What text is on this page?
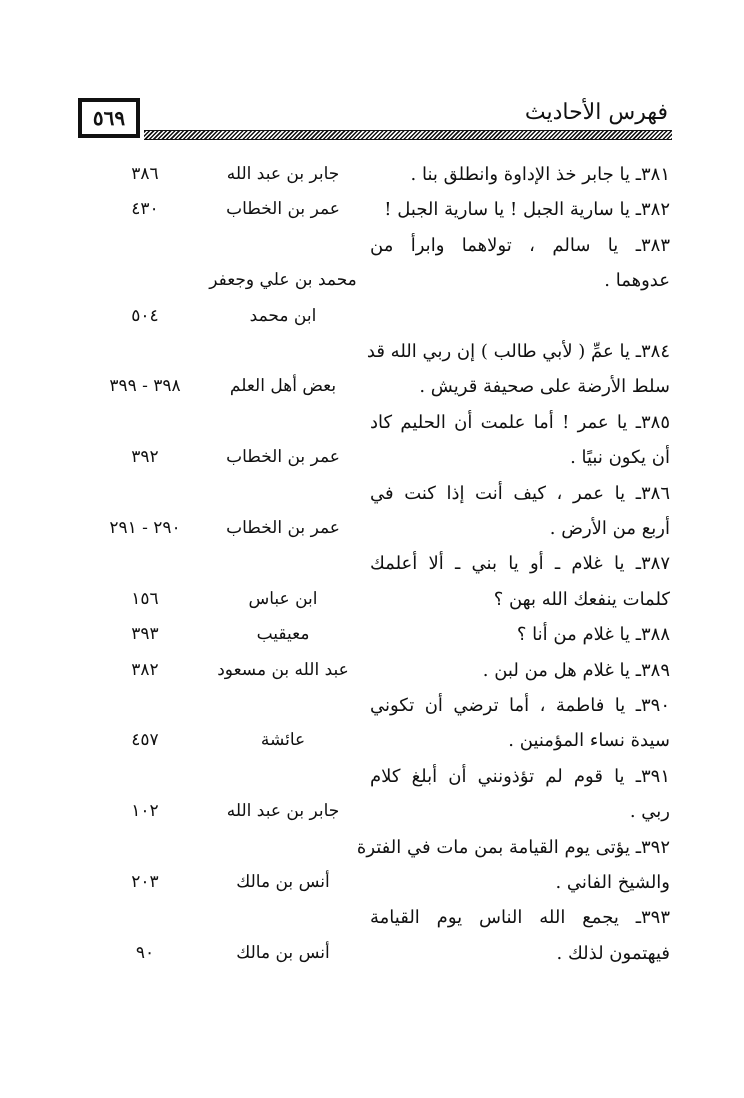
٥٦٩	فهرس الأحاديث
٣٨١ـ يا جابر خذ الإداوة وانطلق بنا .
جابر بن عبد الله
٣٨٦
٣٨٢ـ يا سارية الجبل ! يا سارية الجبل !
عمر بن الخطاب
٤٣٠
٣٨٣ـ يا سالم ، تولاهما وابرأ من
عدوهما .
محمد بن علي وجعفر
ابن محمد
٥٠٤
٣٨٤ـ يا عمِّ ( لأبي طالب ) إن ربي الله قد
سلط الأرضة على صحيفة قريش .
بعض أهل العلم
٣٩٨ - ٣٩٩
٣٨٥ـ يا عمر ! أما علمت أن الحليم كاد
أن يكون نبيًا .
عمر بن الخطاب
٣٩٢
٣٨٦ـ يا عمر ، كيف أنت إذا كنت في
أربع من الأرض .
عمر بن الخطاب
٢٩٠ - ٢٩١
٣٨٧ـ يا غلام ـ أو يا بني ـ ألا أعلمك
كلمات ينفعك الله بهن ؟
ابن عباس
١٥٦
٣٨٨ـ يا غلام من أنا ؟
معيقيب
٣٩٣
٣٨٩ـ يا غلام هل من لبن .
عبد الله بن مسعود
٣٨٢
٣٩٠ـ يا فاطمة ، أما ترضي أن تكوني
سيدة نساء المؤمنين .
عائشة
٤٥٧
٣٩١ـ يا قوم لم تؤذونني أن أبلغ كلام
ربي .
جابر بن عبد الله
١٠٢
٣٩٢ـ يؤتى يوم القيامة بمن مات في الفترة
والشيخ الفاني .
أنس بن مالك
٢٠٣
٣٩٣ـ يجمع الله الناس يوم القيامة
فيهتمون لذلك .
أنس بن مالك
٩٠
